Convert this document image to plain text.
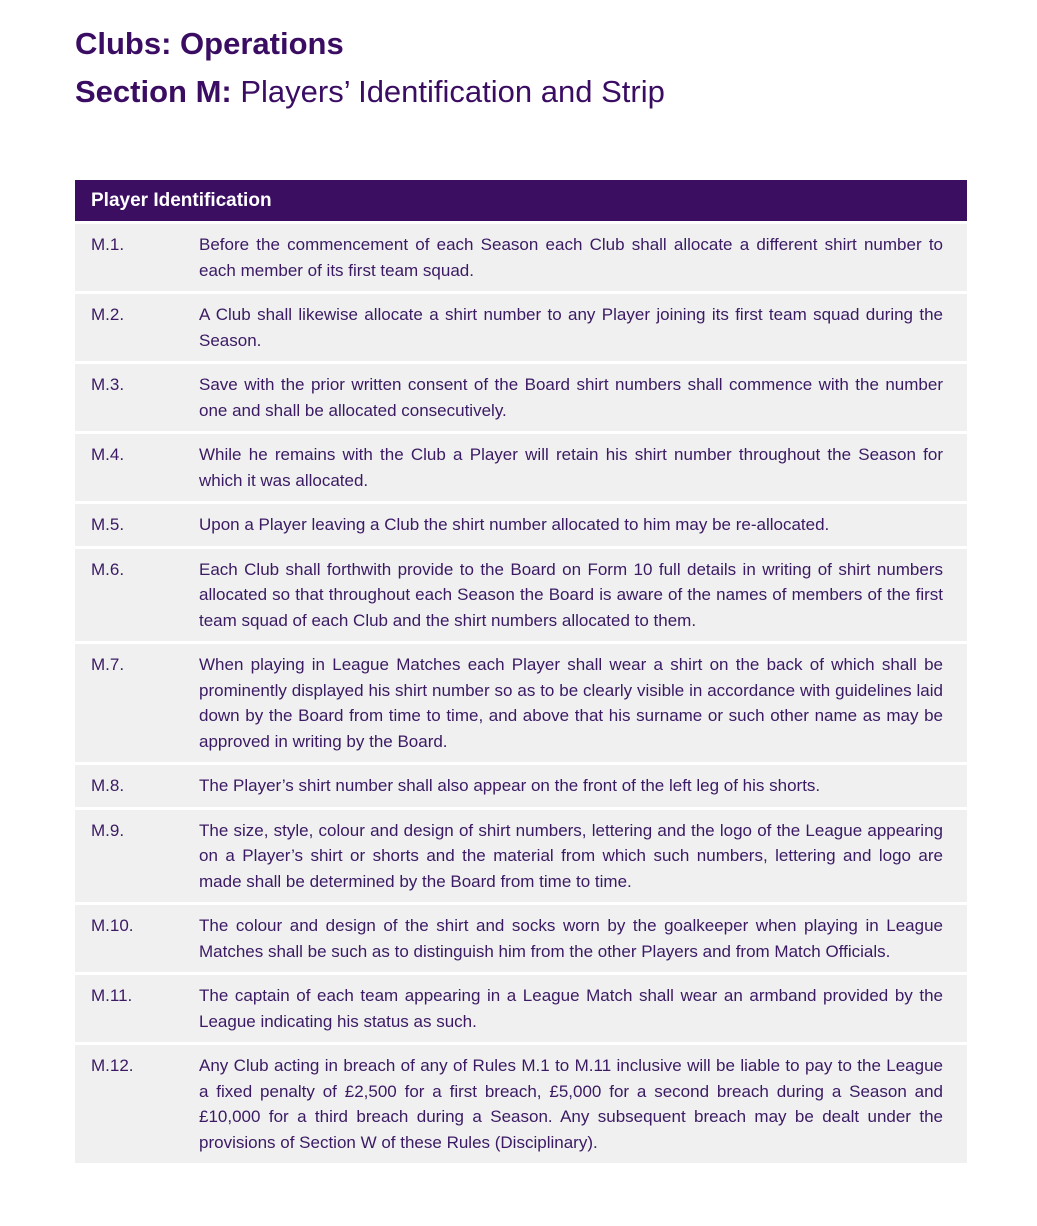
Clubs: Operations
Section M: Players’ Identification and Strip
Player Identification
M.1.	Before the commencement of each Season each Club shall allocate a different shirt number to each member of its first team squad.
M.2.	A Club shall likewise allocate a shirt number to any Player joining its first team squad during the Season.
M.3.	Save with the prior written consent of the Board shirt numbers shall commence with the number one and shall be allocated consecutively.
M.4.	While he remains with the Club a Player will retain his shirt number throughout the Season for which it was allocated.
M.5.	Upon a Player leaving a Club the shirt number allocated to him may be re-allocated.
M.6.	Each Club shall forthwith provide to the Board on Form 10 full details in writing of shirt numbers allocated so that throughout each Season the Board is aware of the names of members of the first team squad of each Club and the shirt numbers allocated to them.
M.7.	When playing in League Matches each Player shall wear a shirt on the back of which shall be prominently displayed his shirt number so as to be clearly visible in accordance with guidelines laid down by the Board from time to time, and above that his surname or such other name as may be approved in writing by the Board.
M.8.	The Player’s shirt number shall also appear on the front of the left leg of his shorts.
M.9.	The size, style, colour and design of shirt numbers, lettering and the logo of the League appearing on a Player’s shirt or shorts and the material from which such numbers, lettering and logo are made shall be determined by the Board from time to time.
M.10.	The colour and design of the shirt and socks worn by the goalkeeper when playing in League Matches shall be such as to distinguish him from the other Players and from Match Officials.
M.11.	The captain of each team appearing in a League Match shall wear an armband provided by the League indicating his status as such.
M.12.	Any Club acting in breach of any of Rules M.1 to M.11 inclusive will be liable to pay to the League a fixed penalty of £2,500 for a first breach, £5,000 for a second breach during a Season and £10,000 for a third breach during a Season. Any subsequent breach may be dealt under the provisions of Section W of these Rules (Disciplinary).
